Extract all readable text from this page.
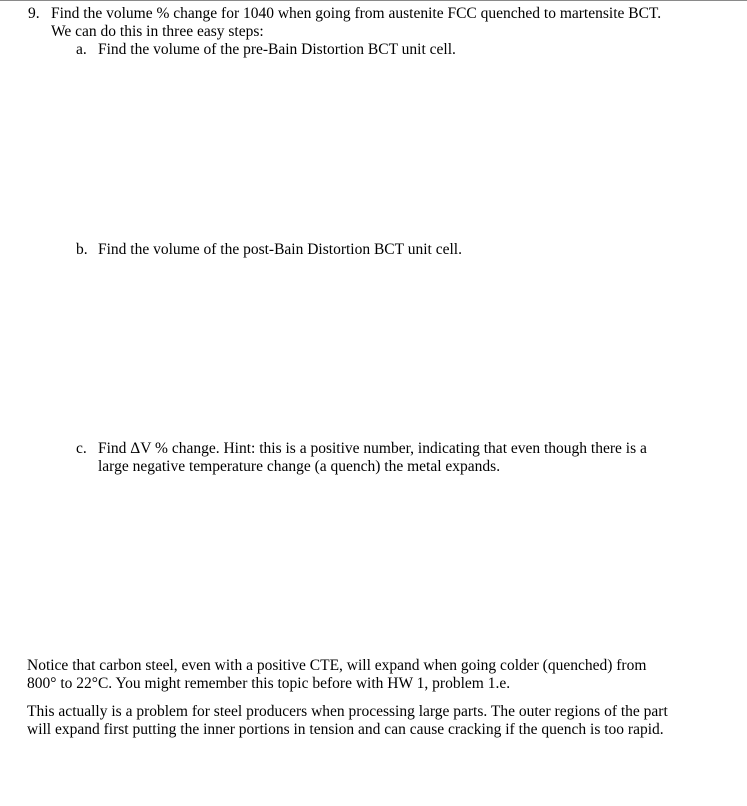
9. Find the volume % change for 1040 when going from austenite FCC quenched to martensite BCT.
We can do this in three easy steps:
a. Find the volume of the pre-Bain Distortion BCT unit cell.
b. Find the volume of the post-Bain Distortion BCT unit cell.
c. Find ΔV % change. Hint: this is a positive number, indicating that even though there is a
large negative temperature change (a quench) the metal expands.
Notice that carbon steel, even with a positive CTE, will expand when going colder (quenched) from
800° to 22°C. You might remember this topic before with HW 1, problem 1.e.
This actually is a problem for steel producers when processing large parts. The outer regions of the part
will expand first putting the inner portions in tension and can cause cracking if the quench is too rapid.
